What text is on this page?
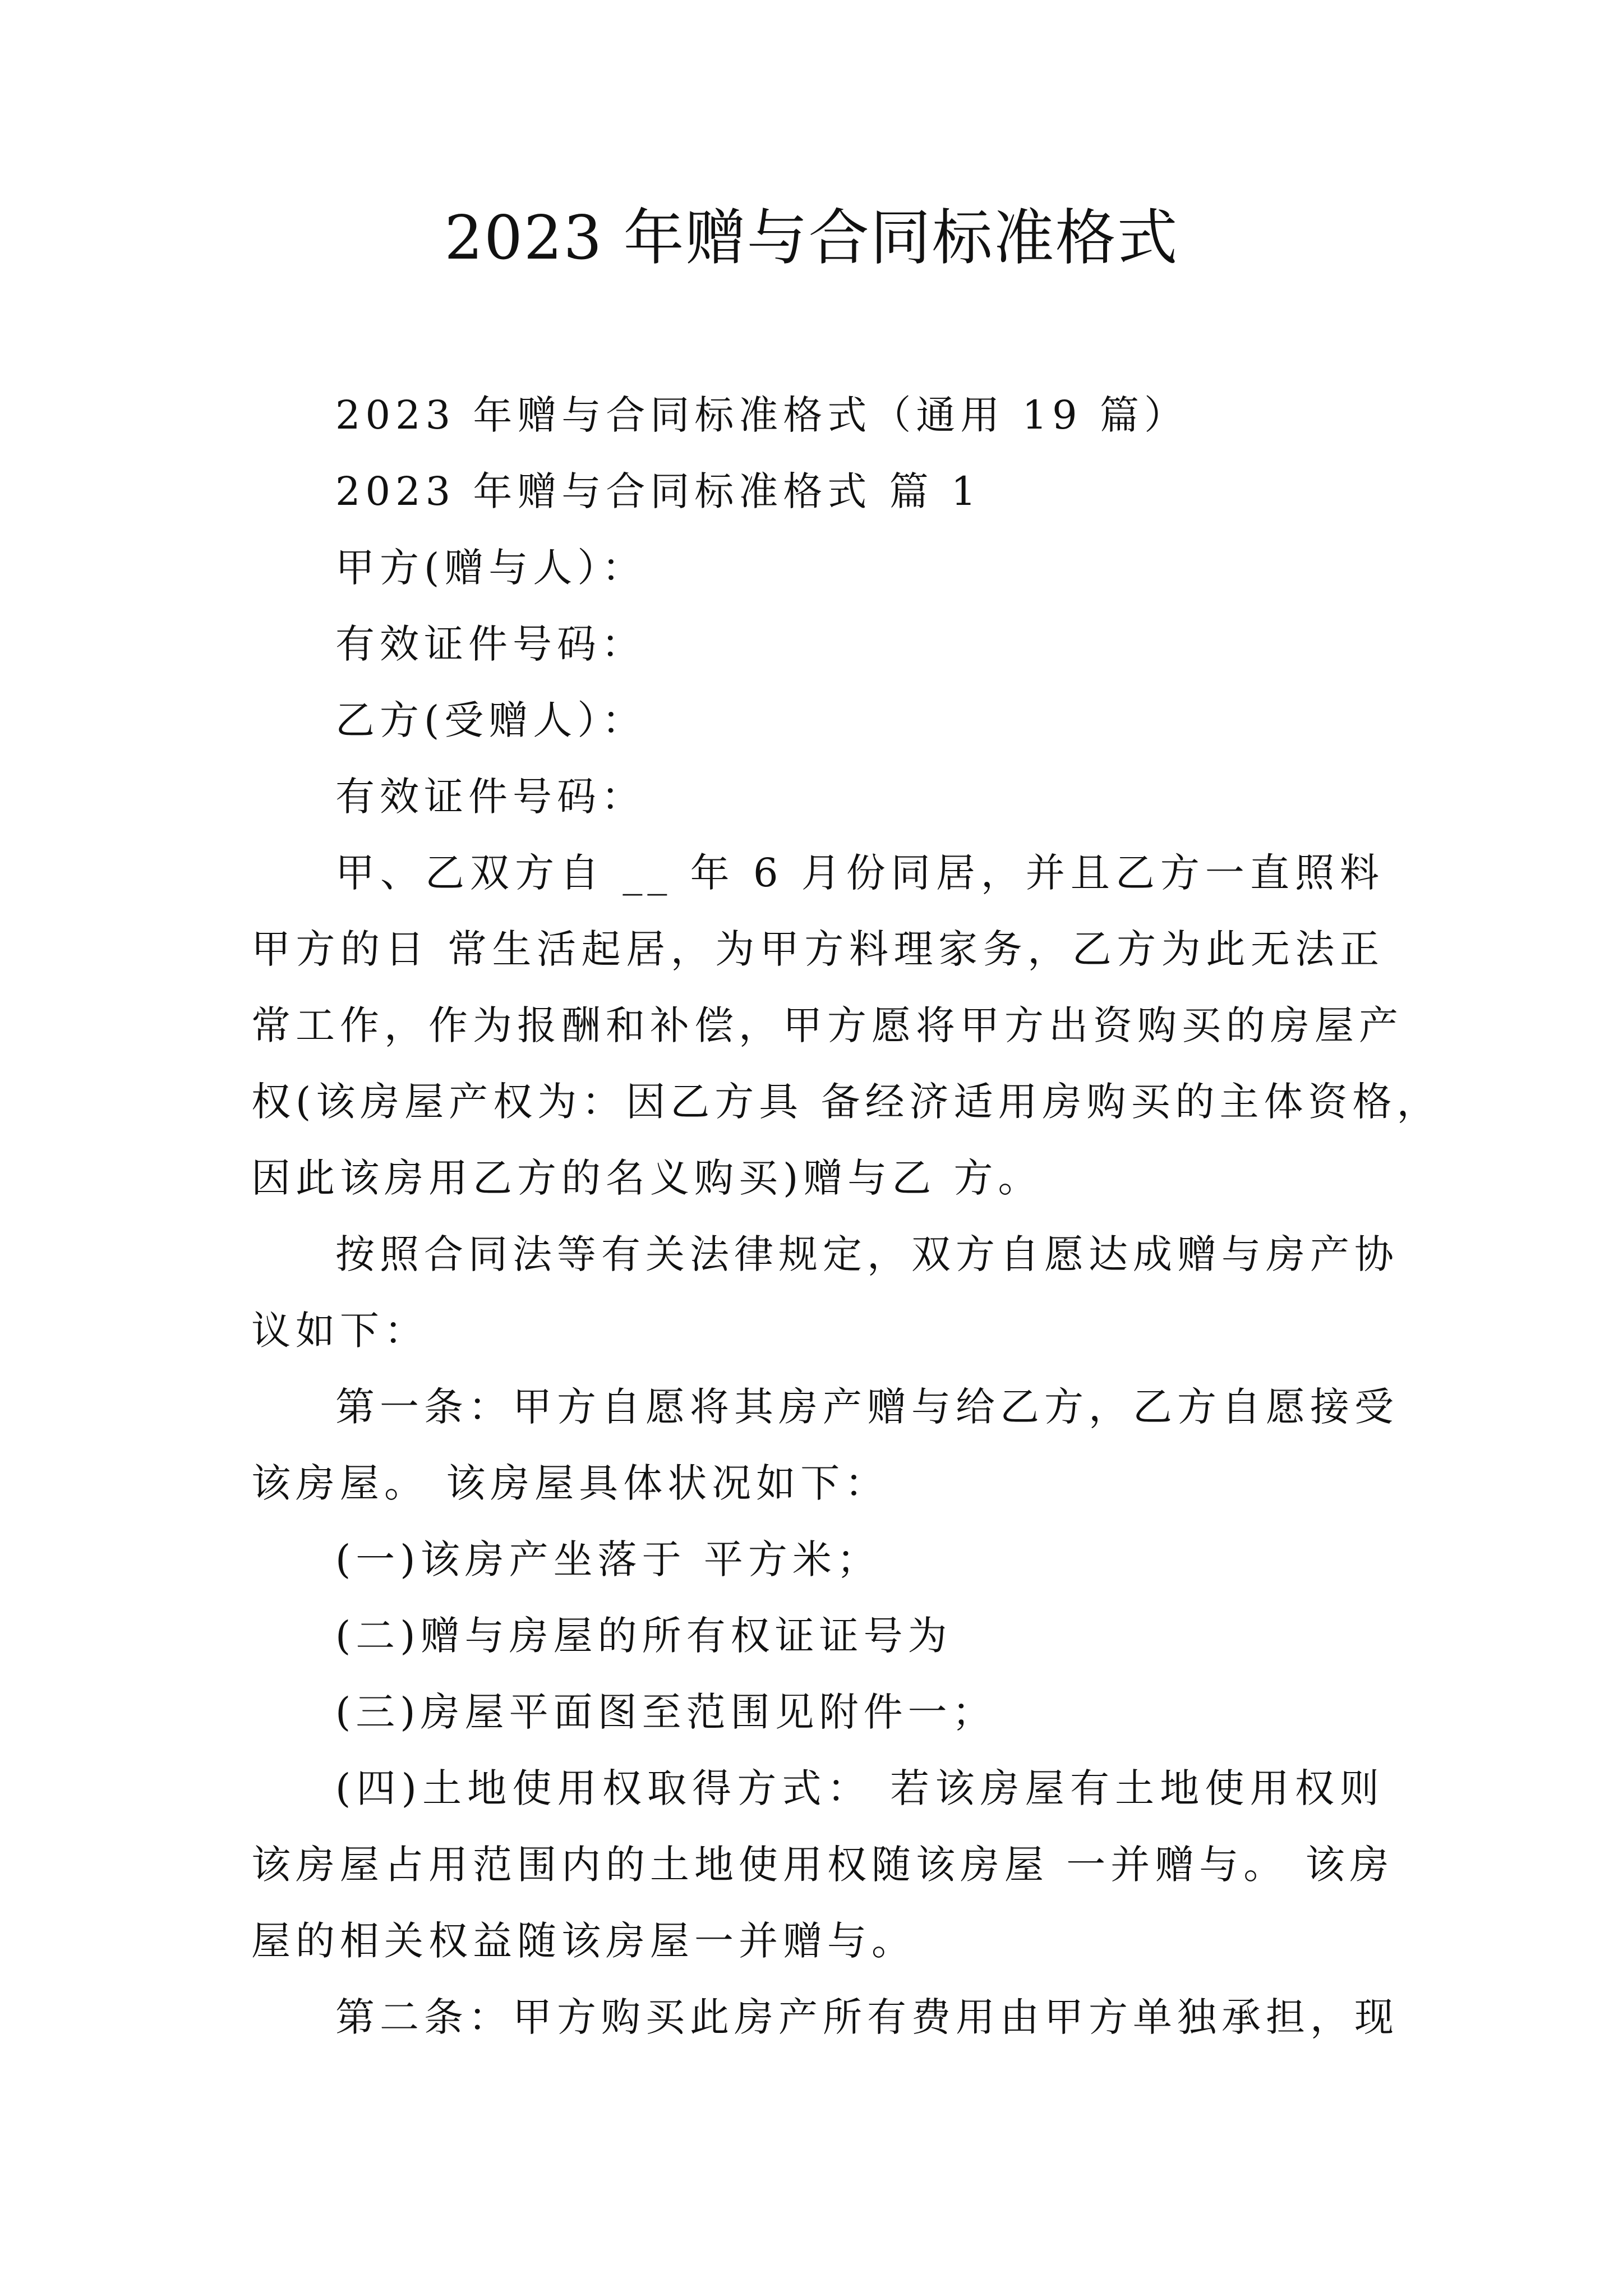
2023 年赠与合同标准格式
2023 年赠与合同标准格式（通用 19 篇）
2023 年赠与合同标准格式 篇 1
甲方(赠与人）：
有效证件号码：
乙方(受赠人）：
有效证件号码：
甲、乙双方自 __ 年 6 月份同居，并且乙方一直照料
甲方的日 常生活起居，为甲方料理家务，乙方为此无法正
常工作，作为报酬和补偿，甲方愿将甲方出资购买的房屋产
权(该房屋产权为：因乙方具 备经济适用房购买的主体资格，
因此该房用乙方的名义购买)赠与乙 方。
按照合同法等有关法律规定，双方自愿达成赠与房产协
议如下：
第一条：甲方自愿将其房产赠与给乙方，乙方自愿接受
该房屋。 该房屋具体状况如下：
(一)该房产坐落于 平方米；
(二)赠与房屋的所有权证证号为
(三)房屋平面图至范围见附件一；
(四)土地使用权取得方式： 若该房屋有土地使用权则
该房屋占用范围内的土地使用权随该房屋 一并赠与。 该房
屋的相关权益随该房屋一并赠与。
第二条：甲方购买此房产所有费用由甲方单独承担，现
